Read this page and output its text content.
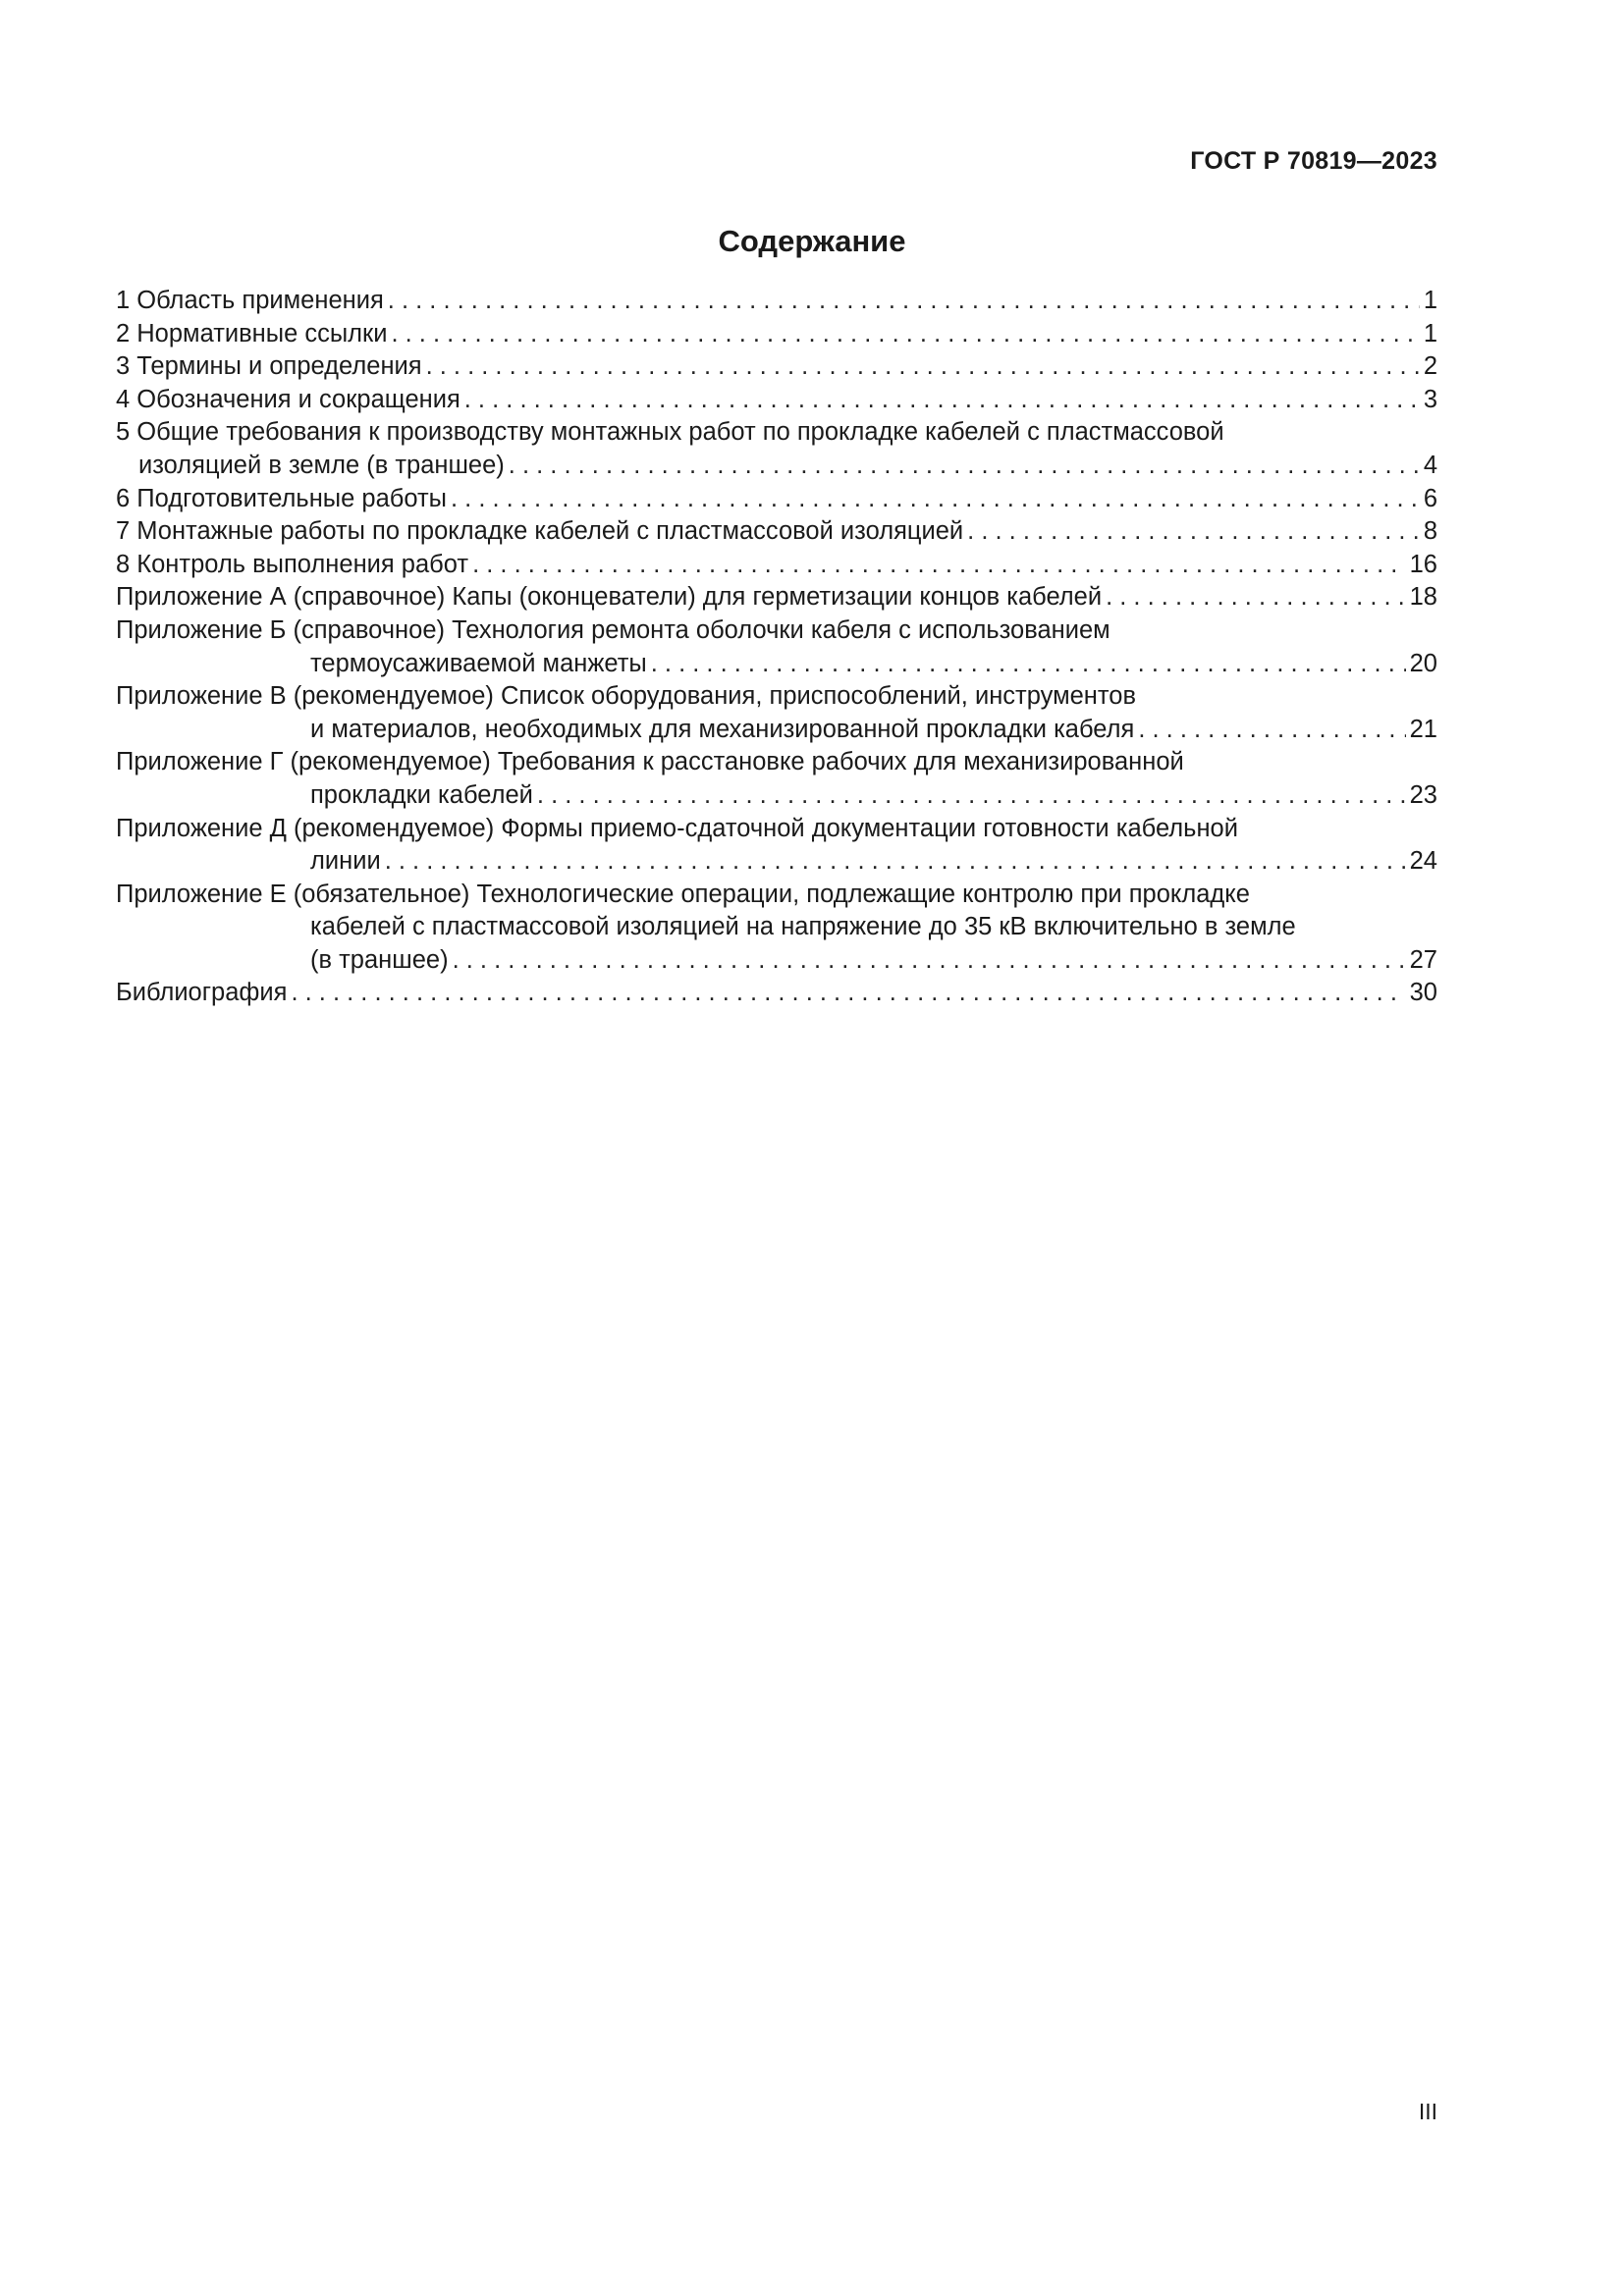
ГОСТ Р 70819—2023
Содержание
1 Область применения . . .	1
2 Нормативные ссылки . . .	1
3 Термины и определения . . .	2
4 Обозначения и сокращения . . .	3
5 Общие требования к производству монтажных работ по прокладке кабелей с пластмассовой
изоляцией в земле (в траншее) . . .	4
6 Подготовительные работы . . .	6
7 Монтажные работы по прокладке кабелей с пластмассовой изоляцией . . .	8
8 Контроль выполнения работ . . .	16
Приложение А (справочное) Капы (оконцеватели) для герметизации концов кабелей . . .	18
Приложение Б (справочное) Технология ремонта оболочки кабеля с использованием
термоусаживаемой манжеты . . .	20
Приложение В (рекомендуемое) Список оборудования, приспособлений, инструментов
и материалов, необходимых для механизированной прокладки кабеля . . .	21
Приложение Г (рекомендуемое) Требования к расстановке рабочих для механизированной
прокладки кабелей . . .	23
Приложение Д (рекомендуемое) Формы приемо-сдаточной документации готовности кабельной
линии . . .	24
Приложение Е (обязательное) Технологические операции, подлежащие контролю при прокладке
кабелей с пластмассовой изоляцией на напряжение до 35 кВ включительно в земле
(в траншее) . . .	27
Библиография . . .	30
III
